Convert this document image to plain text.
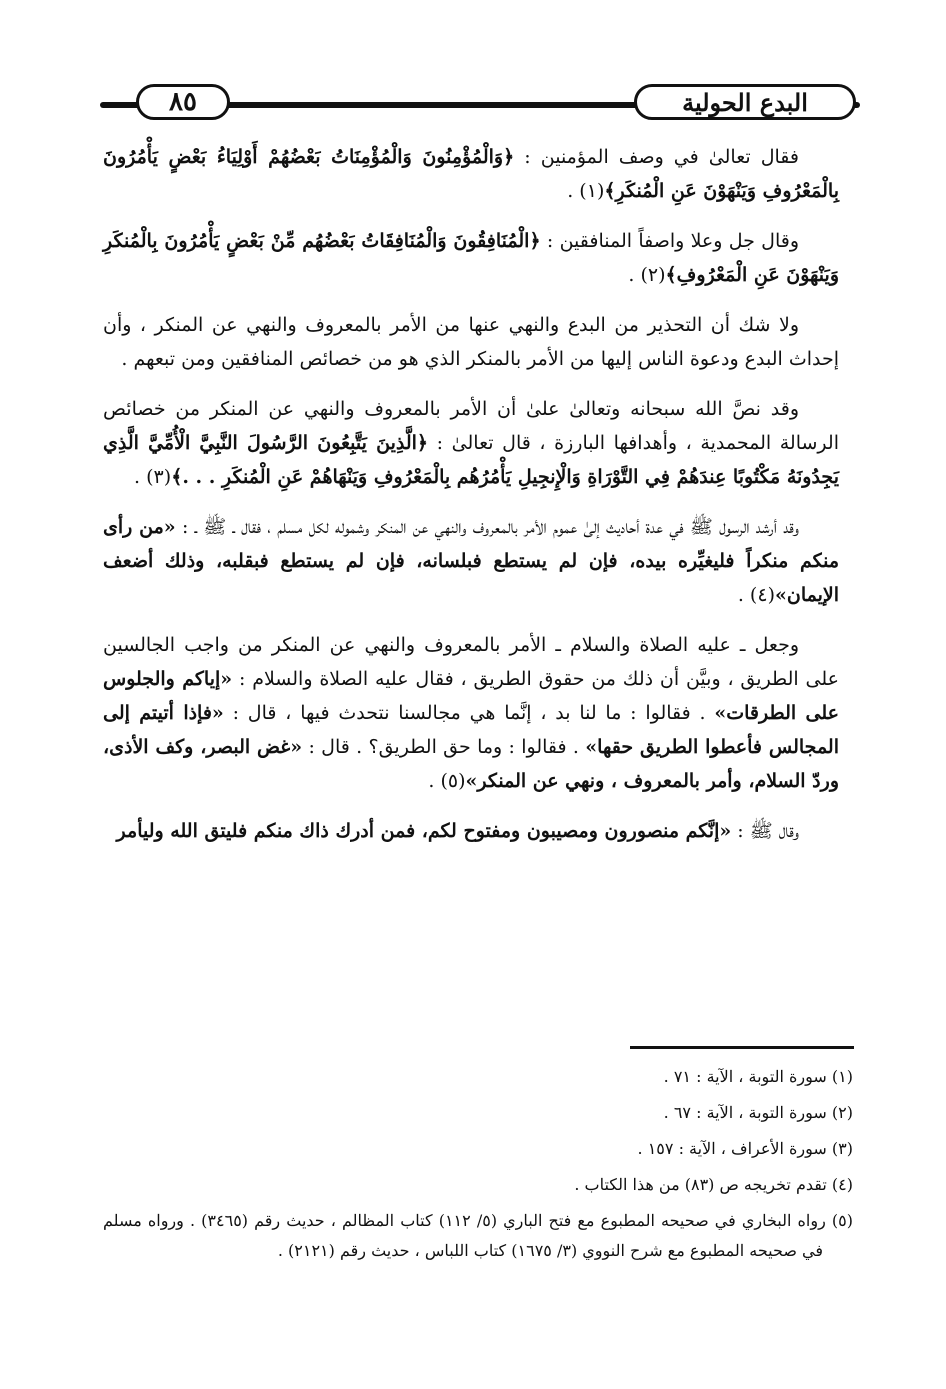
٨٥	البدع الحولية

فقال تعالىٰ في وصف المؤمنين : ﴿وَالْمُؤْمِنُونَ وَالْمُؤْمِنَاتُ بَعْضُهُمْ أَوْلِيَاءُ بَعْضٍ يَأْمُرُونَ بِالْمَعْرُوفِ وَيَنْهَوْنَ عَنِ الْمُنكَرِ﴾(١) .

وقال جل وعلا واصفاً المنافقين : ﴿الْمُنَافِقُونَ وَالْمُنَافِقَاتُ بَعْضُهُم مِّنْ بَعْضٍ يَأْمُرُونَ بِالْمُنكَرِ وَيَنْهَوْنَ عَنِ الْمَعْرُوفِ﴾(٢) .

ولا شك أن التحذير من البدع والنهي عنها من الأمر بالمعروف والنهي عن المنكر ، وأن إحداث البدع ودعوة الناس إليها من الأمر بالمنكر الذي هو من خصائص المنافقين ومن تبعهم .

وقد نصَّ الله سبحانه وتعالىٰ علىٰ أن الأمر بالمعروف والنهي عن المنكر من خصائص الرسالة المحمدية ، وأهدافها البارزة ، قال تعالىٰ : ﴿الَّذِينَ يَتَّبِعُونَ الرَّسُولَ النَّبِيَّ الْأُمِّيَّ الَّذِي يَجِدُونَهُ مَكْتُوبًا عِندَهُمْ فِي التَّوْرَاةِ وَالْإِنجِيلِ يَأْمُرُهُم بِالْمَعْرُوفِ وَيَنْهَاهُمْ عَنِ الْمُنكَرِ . . .﴾(٣) .

وقد أرشد الرسول ﷺ في عدة أحاديث إلىٰ عموم الأمر بالمعروف والنهي عن المنكر وشموله لكل مسلم ، فقال ـ ﷺ ـ : «من رأى منكم منكراً فليغيِّره بيده، فإن لم يستطع فبلسانه، فإن لم يستطع فبقلبه، وذلك أضعف الإيمان»(٤) .

وجعل ـ عليه الصلاة والسلام ـ الأمر بالمعروف والنهي عن المنكر من واجب الجالسين على الطريق ، وبيَّن أن ذلك من حقوق الطريق ، فقال عليه الصلاة والسلام : «إياكم والجلوس على الطرقات» . فقالوا : ما لنا بد ، إنَّما هي مجالسنا نتحدث فيها ، قال : «فإذا أتيتم إلى المجالس فأعطوا الطريق حقها» . فقالوا : وما حق الطريق؟ . قال : «غض البصر، وكف الأذى، وردّ السلام، وأمر بالمعروف ، ونهي عن المنكر»(٥) .

وقال ﷺ : «إنَّكم منصورون ومصيبون ومفتوح لكم، فمن أدرك ذاك منكم فليتق الله وليأمر

(١) سورة التوبة ، الآية : ٧١ .

(٢) سورة التوبة ، الآية : ٦٧ .

(٣) سورة الأعراف ، الآية : ١٥٧ .

(٤) تقدم تخريجه ص (٨٣) من هذا الكتاب .

(٥) رواه البخاري في صحيحه المطبوع مع فتح الباري (٥/ ١١٢) كتاب المظالم ، حديث رقم (٣٤٦٥) . ورواه مسلم في صحيحه المطبوع مع شرح النووي (٣/ ١٦٧٥) كتاب اللباس ، حديث رقم (٢١٢١) .
